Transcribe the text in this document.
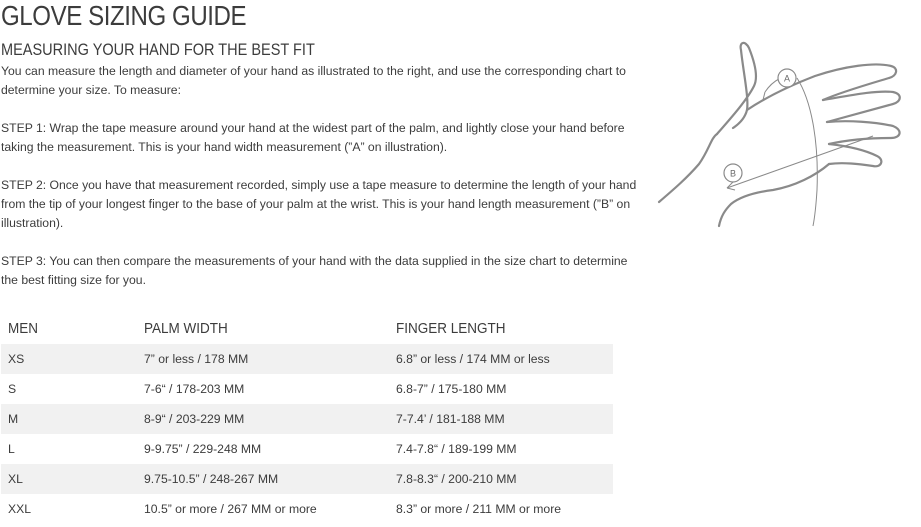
GLOVE SIZING GUIDE
MEASURING YOUR HAND FOR THE BEST FIT

You can measure the length and diameter of your hand as illustrated to the right, and use the corresponding chart to determine your size. To measure:

STEP 1: Wrap the tape measure around your hand at the widest part of the palm, and lightly close your hand before taking the measurement. This is your hand width measurement (”A” on illustration).

STEP 2: Once you have that measurement recorded, simply use a tape measure to determine the length of your hand from the tip of your longest finger to the base of your palm at the wrist. This is your hand length measurement (”B” on illustration).

STEP 3: You can then compare the measurements of your hand with the data supplied in the size chart to determine the best fitting size for you.

A
B
MEN	PALM WIDTH	FINGER LENGTH
XS	7” or less / 178 MM	6.8” or less / 174 MM or less
S	7-6“ / 178-203 MM	6.8-7” / 175-180 MM
M	8-9“ / 203-229 MM	7-7.4’ / 181-188 MM
L	9-9.75” / 229-248 MM	7.4-7.8“ / 189-199 MM
XL	9.75-10.5” / 248-267 MM	7.8-8.3“ / 200-210 MM
XXL	10.5” or more / 267 MM or more	8.3” or more / 211 MM or more
